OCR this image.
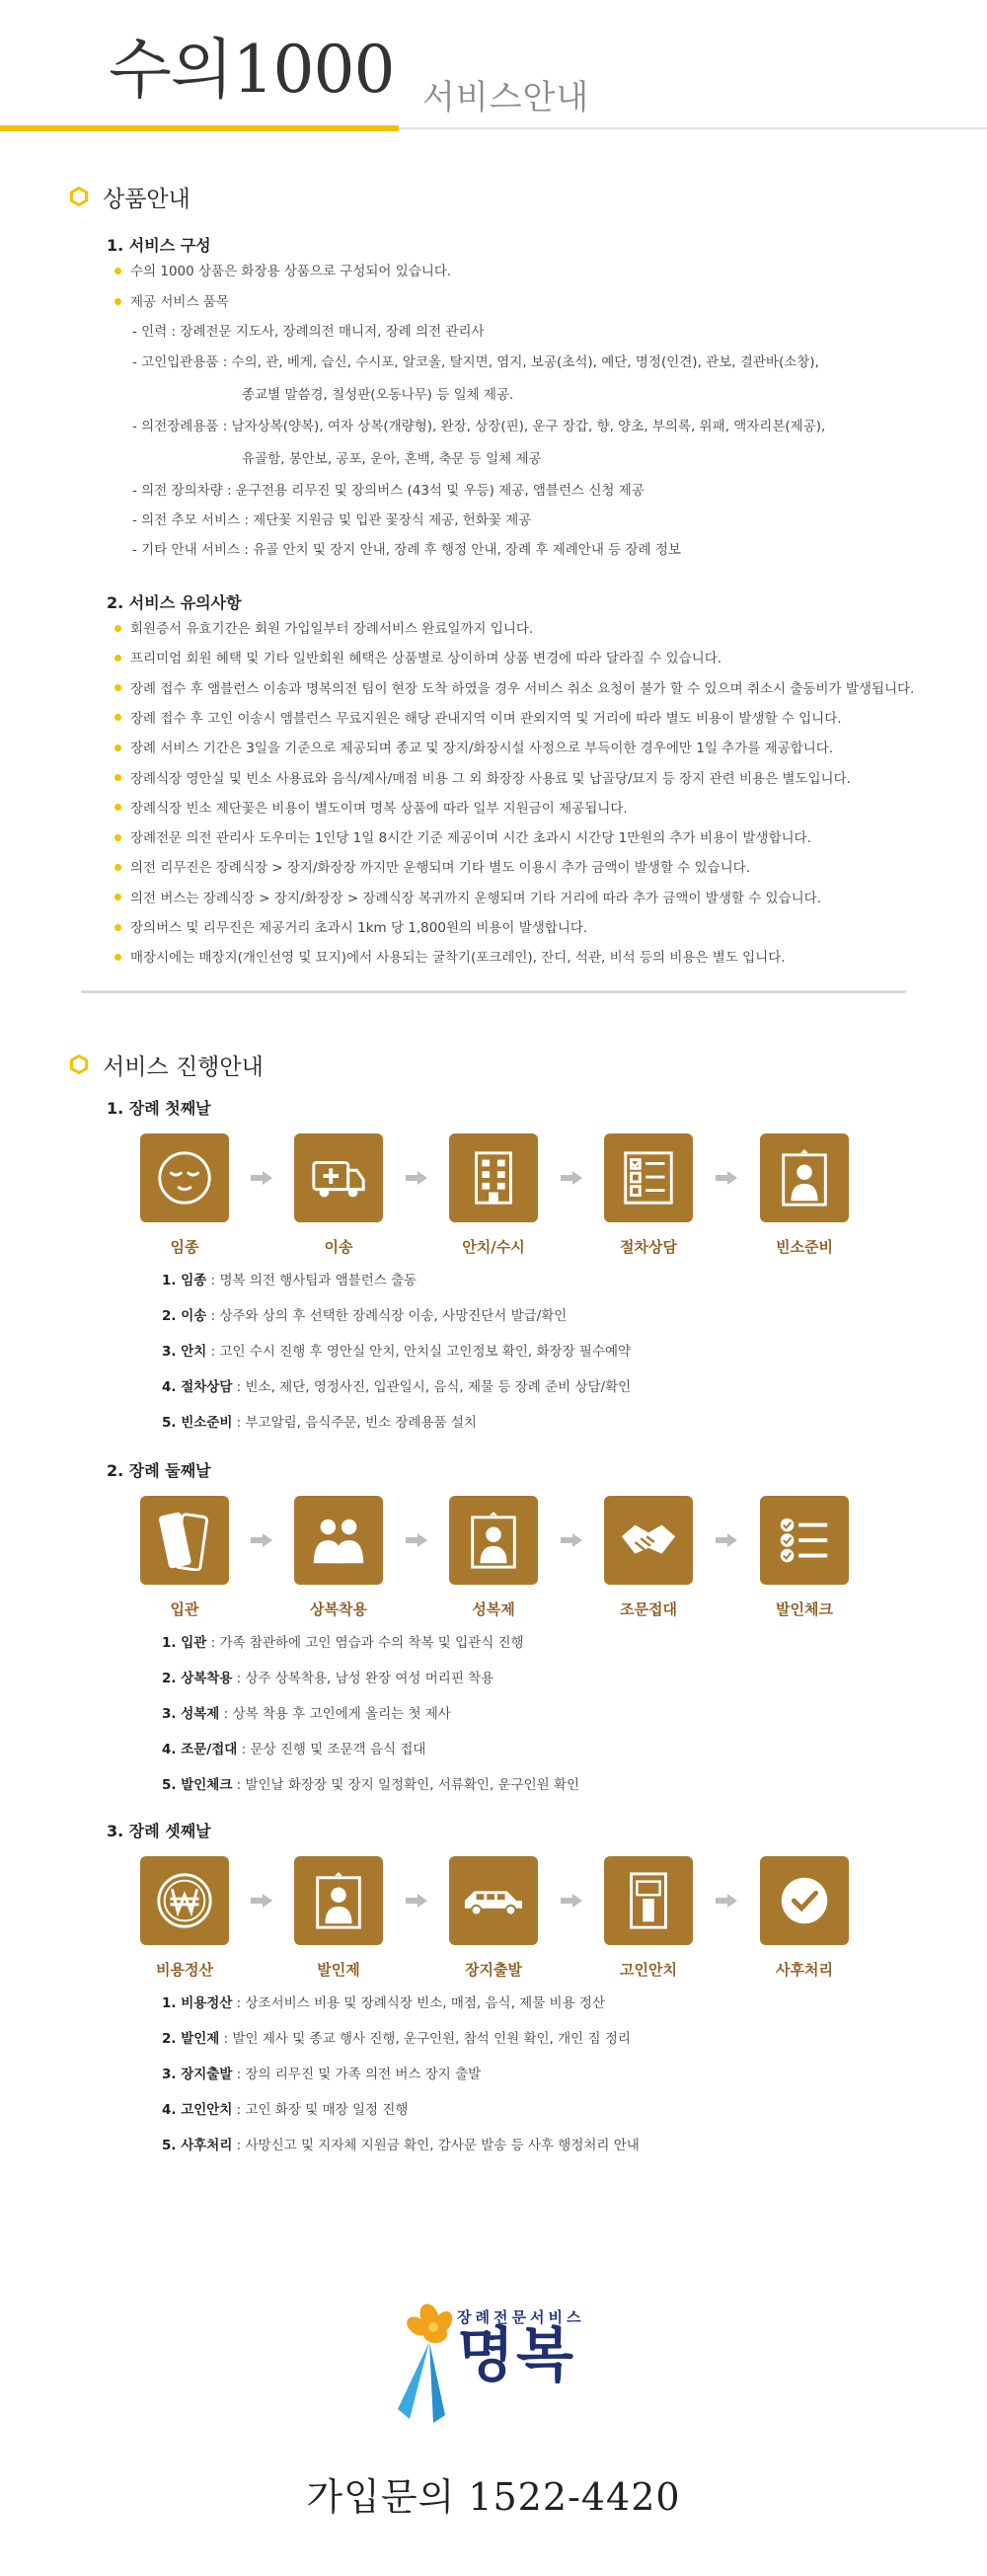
수의1000 서비스안내
상품안내
1. 서비스 구성
수의 1000 상품은 화장용 상품으로 구성되어 있습니다.
제공 서비스 품목
- 인력 : 장례전문 지도사, 장례의전 매니저, 장례 의전 관리사
- 고인입관용품 : 수의, 관, 베게, 습신, 수시포, 알코올, 탈지면, 염지, 보공(초석), 예단, 명정(인견), 관보, 결관바(소창),
종교별 말씀경, 칠성판(오동나무) 등 일체 제공.
- 의전장례용품 : 남자상복(양복), 여자 상복(개량형), 완장, 상장(핀), 운구 장갑, 향, 양초, 부의록, 위패, 액자리본(제공),
유골함, 봉안보, 공포, 운아, 혼백, 축문 등 일체 제공
- 의전 장의차량 : 운구전용 리무진 및 장의버스 (43석 및 우등) 제공, 앰블런스 신청 제공
- 의전 추모 서비스 : 제단꽃 지원금 및 입관 꽃장식 제공, 헌화꽃 제공
- 기타 안내 서비스 : 유골 안치 및 장지 안내, 장례 후 행정 안내, 장례 후 제례안내 등 장례 정보
2. 서비스 유의사항
회원증서 유효기간은 회원 가입일부터 장례서비스 완료일까지 입니다.
프리미엄 회원 혜택 및 기타 일반회원 혜택은 상품별로 상이하며 상품 변경에 따라 달라질 수 있습니다.
장례 접수 후 앰블런스 이송과 명복의전 팀이 현장 도착 하였을 경우 서비스 취소 요청이 불가 할 수 있으며 취소시 출동비가 발생됩니다.
장례 접수 후 고인 이송시 앰블런스 무료지원은 해당 관내지역 이며 관외지역 및 거리에 따라 별도 비용이 발생할 수 입니다.
장례 서비스 기간은 3일을 기준으로 제공되며 종교 및 장지/화장시설 사정으로 부득이한 경우에만 1일 추가를 제공합니다.
장례식장 영안실 및 빈소 사용료와 음식/제사/매점 비용 그 외 화장장 사용료 및 납골당/묘지 등 장지 관련 비용은 별도입니다.
장례식장 빈소 제단꽃은 비용이 별도이며 명복 상품에 따라 일부 지원금이 제공됩니다.
장례전문 의전 관리사 도우미는 1인당 1일 8시간 기준 제공이며 시간 초과시 시간당 1만원의 추가 비용이 발생합니다.
의전 리무진은 장례식장 > 장지/화장장 까지만 운행되며 기타 별도 이용시 추가 금액이 발생할 수 있습니다.
의전 버스는 장례식장 > 장지/화장장 > 장례식장 복귀까지 운행되며 기타 거리에 따라 추가 금액이 발생할 수 있습니다.
장의버스 및 리무진은 제공거리 초과시 1km 당 1,800원의 비용이 발생합니다.
매장시에는 매장지(개인선영 및 묘지)에서 사용되는 굴착기(포크레인), 잔디, 석관, 비석 등의 비용은 별도 입니다.
서비스 진행안내
1. 장례 첫째날
임종	이송	안치/수시	절차상담	빈소준비
1. 임종 : 명복 의전 행사팀과 앰블런스 출동
2. 이송 : 상주와 상의 후 선택한 장례식장 이송, 사망진단서 발급/확인
3. 안치 : 고인 수시 진행 후 영안실 안치, 안치실 고인정보 확인, 화장장 필수예약
4. 절차상담 : 빈소, 제단, 영정사진, 입관일시, 음식, 제물 등 장례 준비 상담/확인
5. 빈소준비 : 부고알림, 음식주문, 빈소 장례용품 설치
2. 장례 둘째날
입관	상복착용	성복제	조문접대	발인체크
1. 입관 : 가족 참관하에 고인 염습과 수의 착복 및 입관식 진행
2. 상복착용 : 상주 상복착용, 남성 완장 여성 머리핀 착용
3. 성복제 : 상복 착용 후 고인에게 올리는 첫 제사
4. 조문/접대 : 문상 진행 및 조문객 음식 접대
5. 발인체크 : 발인날 화장장 및 장지 일정확인, 서류확인, 운구인원 확인
3. 장례 셋째날
비용정산	발인제	장지출발	고인안치	사후처리
1. 비용정산 : 상조서비스 비용 및 장례식장 빈소, 매점, 음식, 제물 비용 정산
2. 발인제 : 발인 제사 및 종교 행사 진행, 운구인원, 참석 인원 확인, 개인 짐 정리
3. 장지출발 : 장의 리무진 및 가족 의전 버스 장지 출발
4. 고인안치 : 고인 화장 및 매장 일정 진행
5. 사후처리 : 사망신고 및 지자체 지원금 확인, 감사문 발송 등 사후 행정처리 안내
장례전문서비스
명복
가입문의 1522-4420
